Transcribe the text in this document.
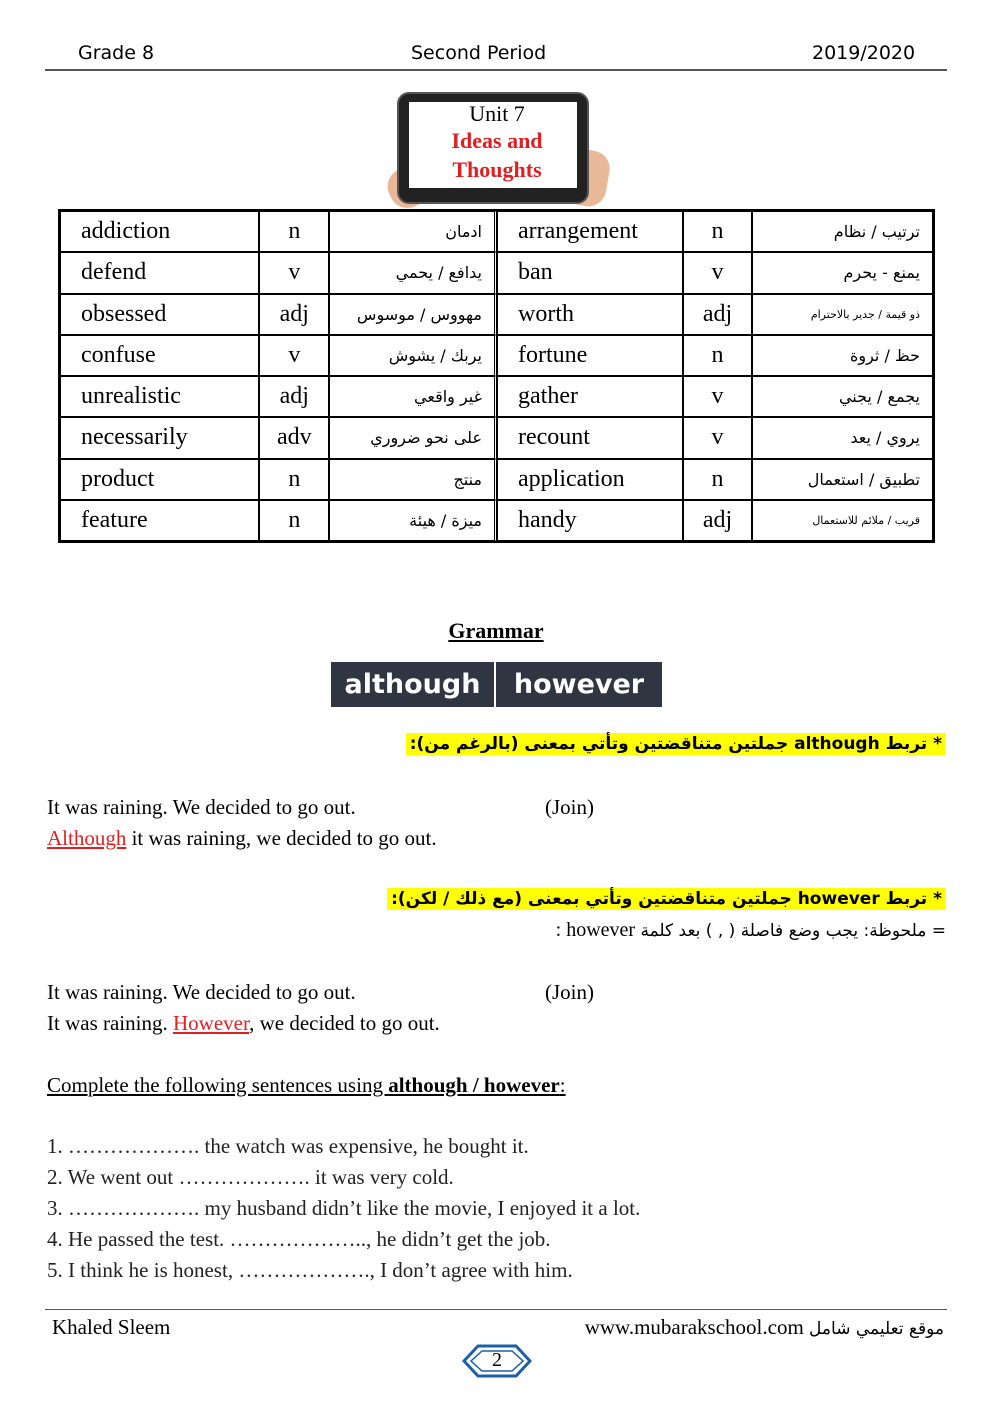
Grade 8	Second Period	2019/2020
Unit 7
Ideas and
Thoughts
addiction	n	ادمان	arrangement	n	ترتيب / نظام
defend	v	يدافع / يحمي	ban	v	يمنع - يحرم
obsessed	adj	مهووس / موسوس	worth	adj	ذو قيمة / جدير بالاحترام
confuse	v	يربك / يشوش	fortune	n	حظ / ثروة
unrealistic	adj	غير واقعي	gather	v	يجمع / يجني
necessarily	adv	على نحو ضروري	recount	v	يروي / يعد
product	n	منتج	application	n	تطبيق / استعمال
feature	n	ميزة / هيئة	handy	adj	قريب / ملائم للاستعمال
Grammar
although	however
* تربط although جملتين متناقضتين وتأتي بمعنى (بالرغم من):
It was raining. We decided to go out.	(Join)
Although it was raining, we decided to go out.
* تربط however جملتين متناقضتين وتأتي بمعنى (مع ذلك / لكن):
= ملحوظة: يجب وضع فاصلة ( , ) بعد كلمة : however
It was raining. We decided to go out.	(Join)
It was raining. However, we decided to go out.
Complete the following sentences using although / however:
1. ………………. the watch was expensive, he bought it.
2. We went out ………………. it was very cold.
3. ………………. my husband didn’t like the movie, I enjoyed it a lot.
4. He passed the test. ……………….., he didn’t get the job.
5. I think he is honest, ………………., I don’t agree with him.
Khaled Sleem	www.mubarakschool.com موقع تعليمي شامل
2
